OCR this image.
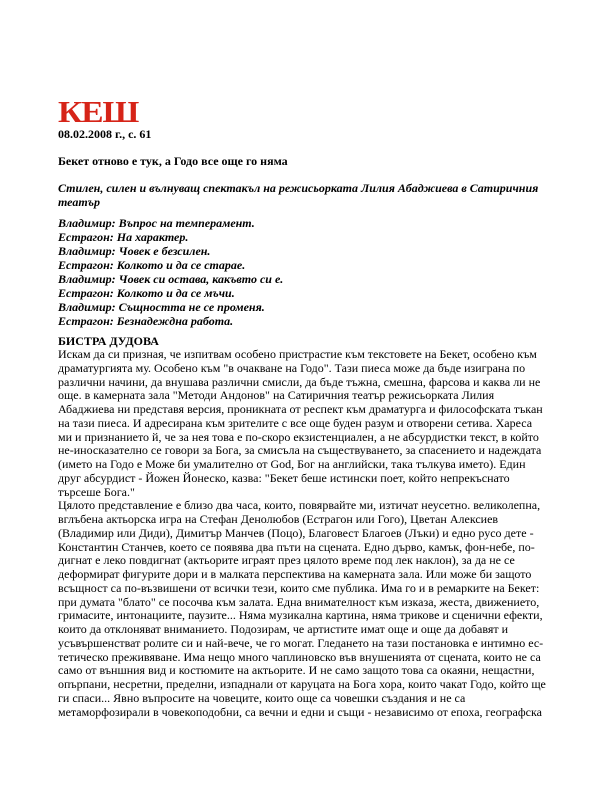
КЕШ
08.02.2008 г., с. 61
Бекет отново е тук, а Годо все още го няма
Стилен, силен и вълнуващ спектакъл на режисьорката Лилия Абаджиева в Сатиричния театър
Владимир: Въпрос на темперамент.
Естрагон: На характер.
Владимир: Човек е безсилен.
Естрагон: Колкото и да се старае.
Владимир: Човек си остава, какъвто си е.
Естрагон: Колкото и да се мъчи.
Владимир: Същността не се променя.
Естрагон: Безнадеждна работа.
БИСТРА ДУДОВА

Искам да си призная, че изпитвам особено пристрастие към текстовете на Бекет, особено към драматургията му. Особено към "в очакване на Годо". Тази пиеса може да бъде изиграна по различни начини, да внушава различни смисли, да бъде тъжна, смешна, фарсова и каква ли не още. в камерната зала "Методи Андонов" на Сатиричния театър режисьорката Лилия Абаджиева ни представя версия, проникната от респект към драматурга и философската тъкан на тази пиеса. И адресирана към зрителите с все още буден разум и отворени сетива. Хареса ми и признанието й, че за нея това е по-скоро екзистенциален, а не абсурдистки текст, в който не-иносказателно се говори за Бога, за смисъла на съществуването, за спасението и надеждата (името на Годо е Може би умалително от God, Бог на английски, така тълкува името). Един друг абсурдист - Йожен Йонеско, казва: "Бекет беше истински поет, който непрекъснато търсеше Бога."

Цялото представление е близо два часа, които, повярвайте ми, изтичат неусетно. великолепна, вглъбена актьорска игра на Стефан Денолюбов (Естрагон или Гого), Цветан Алексиев (Владимир или Диди), Димитър Манчев (Поцо), Благовест Благоев (Лъки) и едно русо дете - Константин Станчев, което се появява два пъти на сцената. Едно дърво, камък, фон-небе, по-дигнат е леко повдигнат (актьорите играят през цялото време под лек наклон), за да не се деформират фигурите дори и в малката перспектива на камерната зала. Или може би защото всъщност са по-възвишени от всички тези, които сме публика. Има го и в ремарките на Бекет: при думата "блато" се посочва към залата. Една внимателност към изказа, жеста, движението, гримасите, интонациите, паузите... Няма музикална картина, няма трикове и сценични ефекти, които да отклоняват вниманието. Подозирам, че артистите имат още и още да добавят и усъвършенстват ролите си и най-вече, че го могат. Гледането на тази постановка е интимно ес-тетическо преживяване. Има нещо много чаплиновско във внушенията от сцената, които не са само от външния вид и костюмите на актьорите. И не само защото това са окаяни, нещастни, опърпани, несретни, пределни, изпаднали от каруцата на Бога хора, които чакат Годо, който ще ги спаси... Явно въпросите на човеците, които още са човешки създания и не са метаморфозирали в човекоподобни, са вечни и едни и същи - независимо от епоха, географска
